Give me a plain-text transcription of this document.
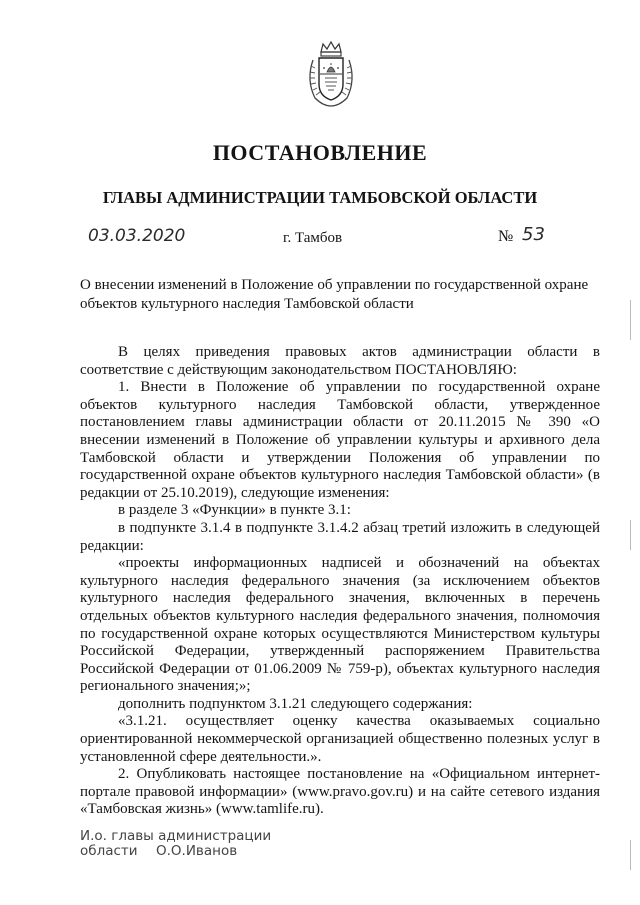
ПОСТАНОВЛЕНИЕ
ГЛАВЫ АДМИНИСТРАЦИИ ТАМБОВСКОЙ ОБЛАСТИ
03.03.2020	г. Тамбов	№ 53
О внесении изменений в Положение об управлении по государственной охране объектов культурного наследия Тамбовской области

В целях приведения правовых актов администрации области в соответствие с действующим законодательством ПОСТАНОВЛЯЮ:

1. Внести в Положение об управлении по государственной охране объектов культурного наследия Тамбовской области, утвержденное постановлением главы администрации области от 20.11.2015 № 390 «О внесении изменений в Положение об управлении культуры и архивного дела Тамбовской области и утверждении Положения об управлении по государственной охране объектов культурного наследия Тамбовской области» (в редакции от 25.10.2019), следующие изменения:

в разделе 3 «Функции» в пункте 3.1:

в подпункте 3.1.4 в подпункте 3.1.4.2 абзац третий изложить в следующей редакции:

«проекты информационных надписей и обозначений на объектах культурного наследия федерального значения (за исключением объектов культурного наследия федерального значения, включенных в перечень отдельных объектов культурного наследия федерального значения, полномочия по государственной охране которых осуществляются Министерством культуры Российской Федерации, утвержденный распоряжением Правительства Российской Федерации от 01.06.2009 № 759-р), объектах культурного наследия регионального значения;»;

дополнить подпунктом 3.1.21 следующего содержания:

«3.1.21. осуществляет оценку качества оказываемых социально ориентированной некоммерческой организацией общественно полезных услуг в установленной сфере деятельности.».

2. Опубликовать настоящее постановление на «Официальном интернет-портале правовой информации» (www.pravo.gov.ru) и на сайте сетевого издания «Тамбовская жизнь» (www.tamlife.ru).

И.о. главы администрации
области О.О.Иванов
